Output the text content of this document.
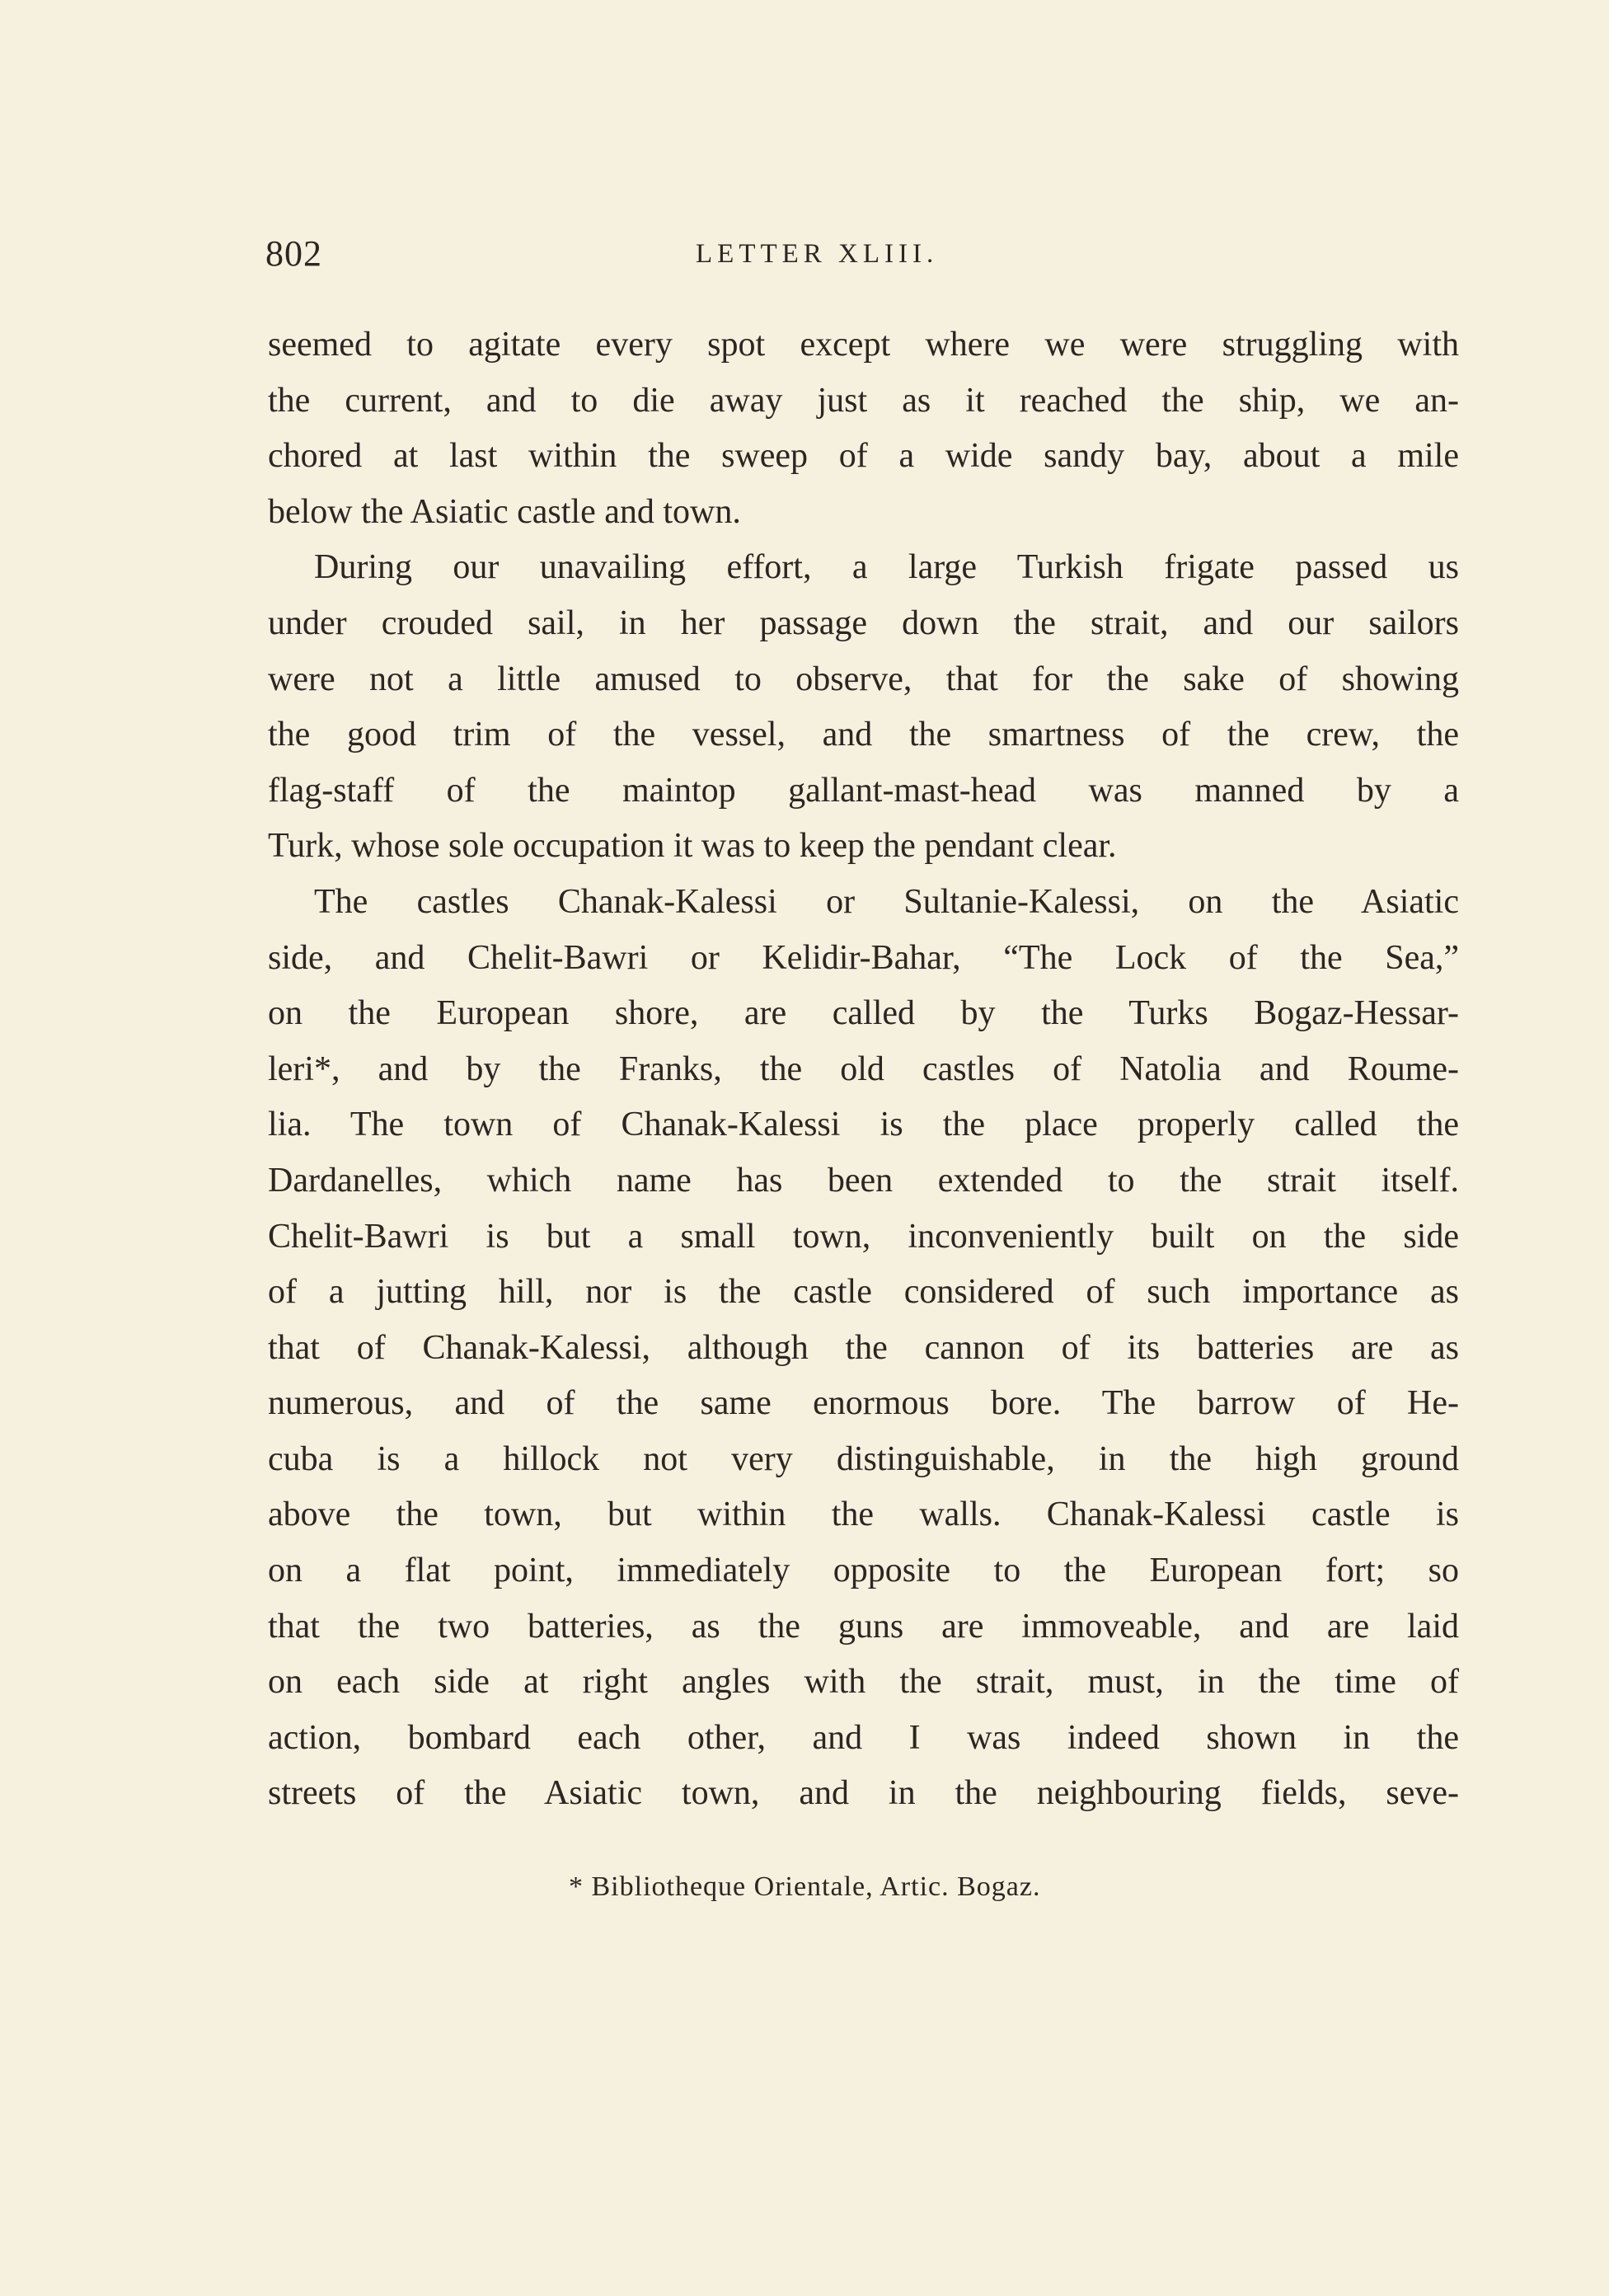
802	LETTER XLIII.
seemed to agitate every spot except where we were struggling with
the current, and to die away just as it reached the ship, we an-
chored at last within the sweep of a wide sandy bay, about a mile
below the Asiatic castle and town.
During our unavailing effort, a large Turkish frigate passed us
under crouded sail, in her passage down the strait, and our sailors
were not a little amused to observe, that for the sake of showing
the good trim of the vessel, and the smartness of the crew, the
flag-staff of the maintop gallant-mast-head was manned by a
Turk, whose sole occupation it was to keep the pendant clear.
The castles Chanak-Kalessi or Sultanie-Kalessi, on the Asiatic
side, and Chelit-Bawri or Kelidir-Bahar, “The Lock of the Sea,”
on the European shore, are called by the Turks Bogaz-Hessar-
leri*, and by the Franks, the old castles of Natolia and Roume-
lia. The town of Chanak-Kalessi is the place properly called the
Dardanelles, which name has been extended to the strait itself.
Chelit-Bawri is but a small town, inconveniently built on the side
of a jutting hill, nor is the castle considered of such importance as
that of Chanak-Kalessi, although the cannon of its batteries are as
numerous, and of the same enormous bore. The barrow of He-
cuba is a hillock not very distinguishable, in the high ground
above the town, but within the walls. Chanak-Kalessi castle is
on a flat point, immediately opposite to the European fort; so
that the two batteries, as the guns are immoveable, and are laid
on each side at right angles with the strait, must, in the time of
action, bombard each other, and I was indeed shown in the
streets of the Asiatic town, and in the neighbouring fields, seve-
* Bibliotheque Orientale, Artic. Bogaz.
